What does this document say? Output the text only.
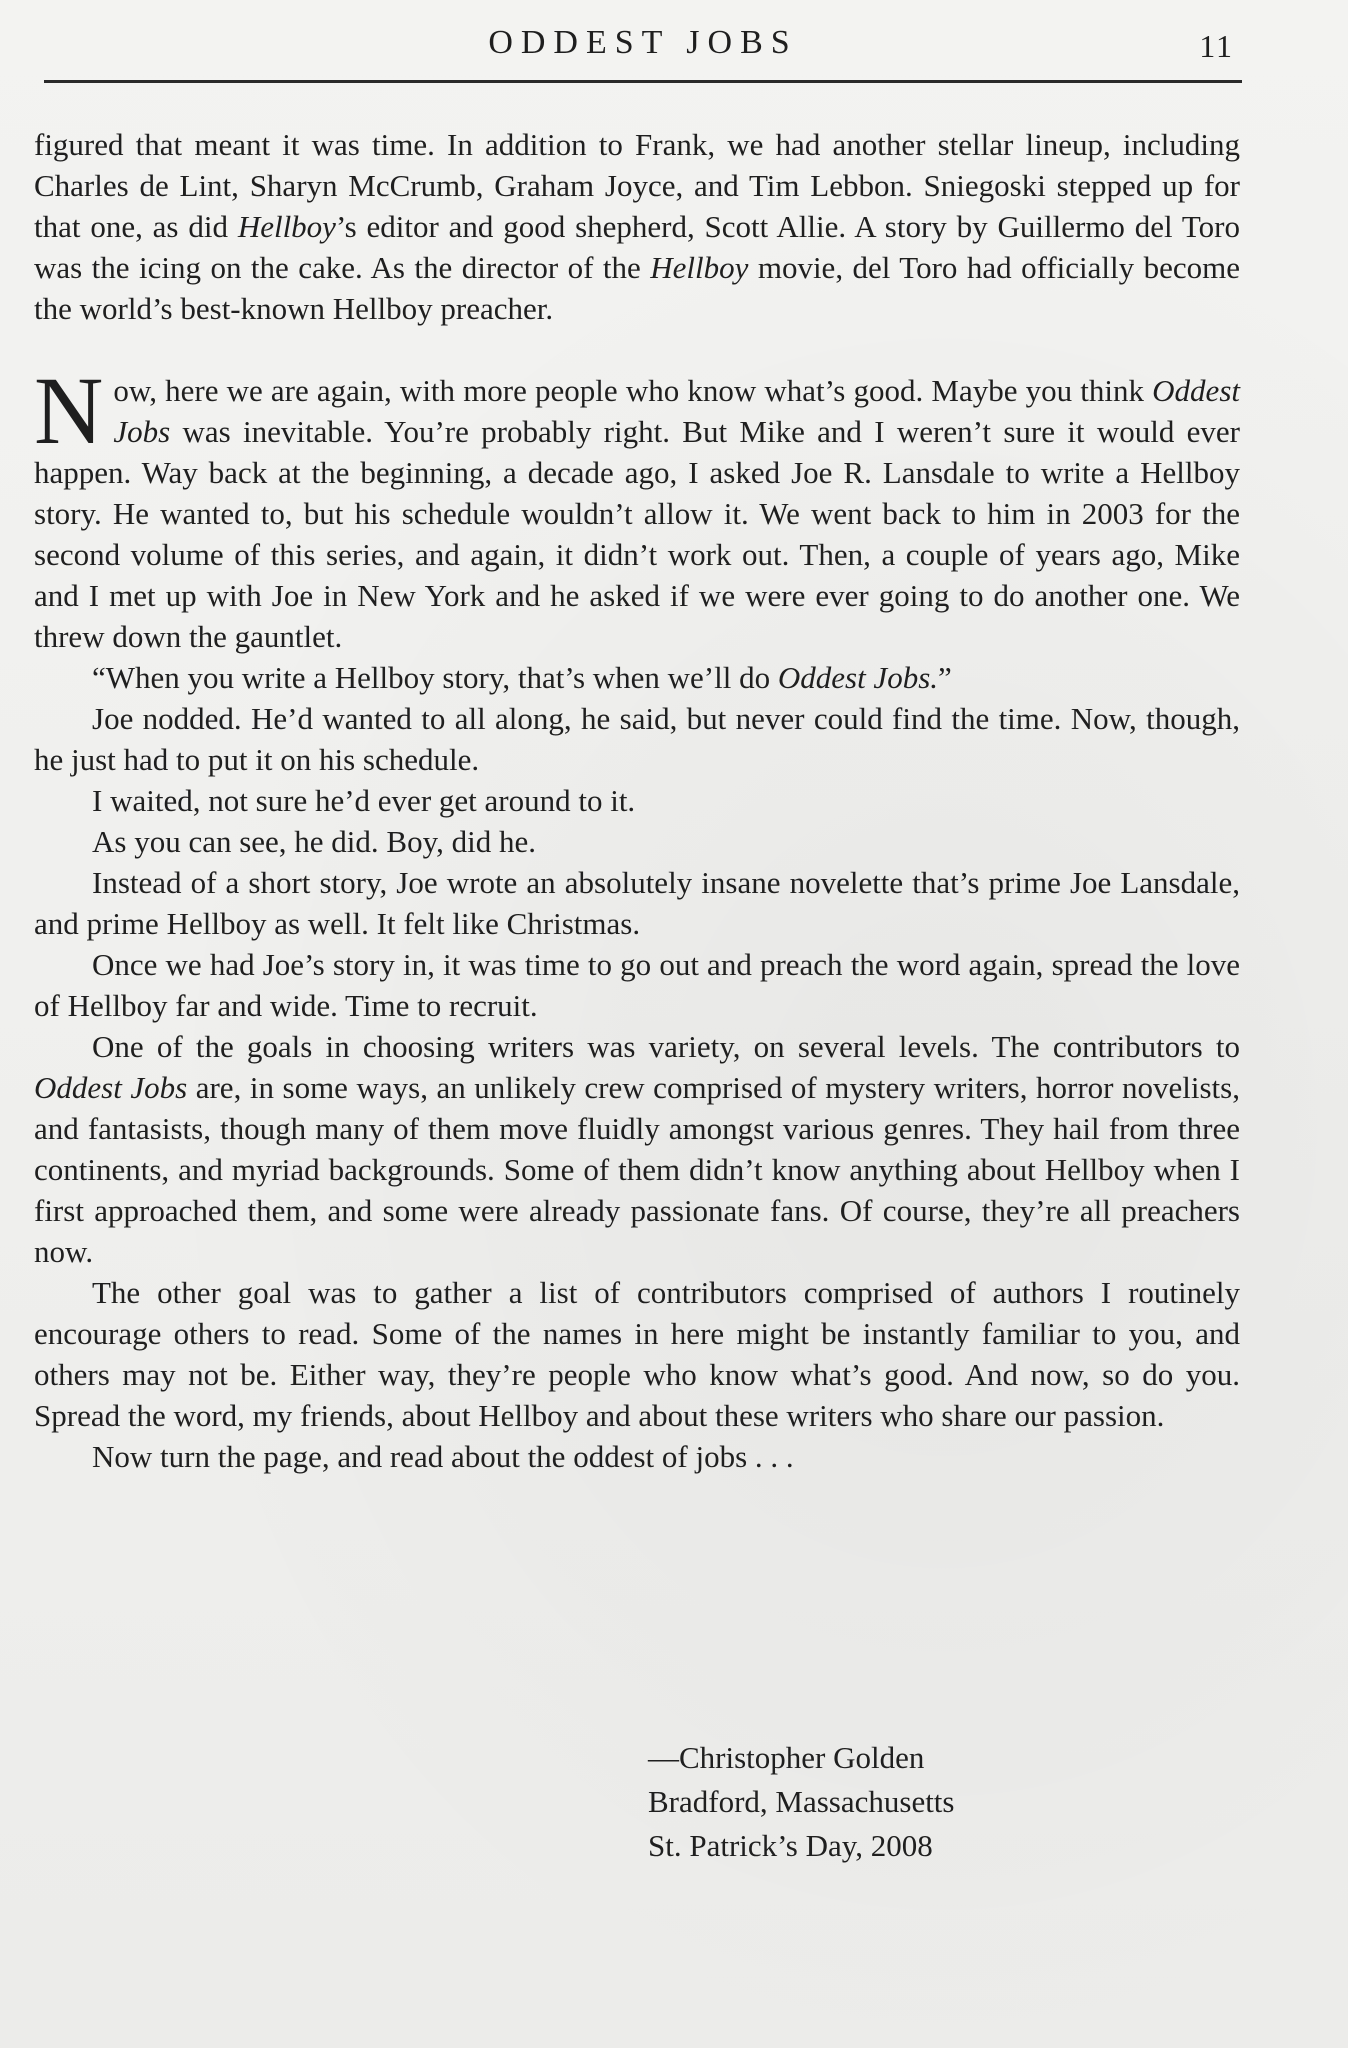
ODDEST JOBS	11

figured that meant it was time. In addition to Frank, we had another stellar lineup, including Charles de Lint, Sharyn McCrumb, Graham Joyce, and Tim Lebbon. Sniegoski stepped up for that one, as did Hellboy’s editor and good shepherd, Scott Allie. A story by Guillermo del Toro was the icing on the cake. As the director of the Hellboy movie, del Toro had officially become the world’s best-known Hellboy preacher.

Now, here we are again, with more people who know what’s good. Maybe you think Oddest Jobs was inevitable. You’re probably right. But Mike and I weren’t sure it would ever happen. Way back at the beginning, a decade ago, I asked Joe R. Lansdale to write a Hellboy story. He wanted to, but his schedule wouldn’t allow it. We went back to him in 2003 for the second volume of this series, and again, it didn’t work out. Then, a couple of years ago, Mike and I met up with Joe in New York and he asked if we were ever going to do another one. We threw down the gauntlet.

“When you write a Hellboy story, that’s when we’ll do Oddest Jobs.”

Joe nodded. He’d wanted to all along, he said, but never could find the time. Now, though, he just had to put it on his schedule.

I waited, not sure he’d ever get around to it.

As you can see, he did. Boy, did he.

Instead of a short story, Joe wrote an absolutely insane novelette that’s prime Joe Lansdale, and prime Hellboy as well. It felt like Christmas.

Once we had Joe’s story in, it was time to go out and preach the word again, spread the love of Hellboy far and wide. Time to recruit.

One of the goals in choosing writers was variety, on several levels. The contributors to Oddest Jobs are, in some ways, an unlikely crew comprised of mystery writers, horror novelists, and fantasists, though many of them move fluidly amongst various genres. They hail from three continents, and myriad backgrounds. Some of them didn’t know anything about Hellboy when I first approached them, and some were already passionate fans. Of course, they’re all preachers now.

The other goal was to gather a list of contributors comprised of authors I routinely encourage others to read. Some of the names in here might be instantly familiar to you, and others may not be. Either way, they’re people who know what’s good. And now, so do you. Spread the word, my friends, about Hellboy and about these writers who share our passion.

Now turn the page, and read about the oddest of jobs . . .

—Christopher Golden
Bradford, Massachusetts
St. Patrick’s Day, 2008
